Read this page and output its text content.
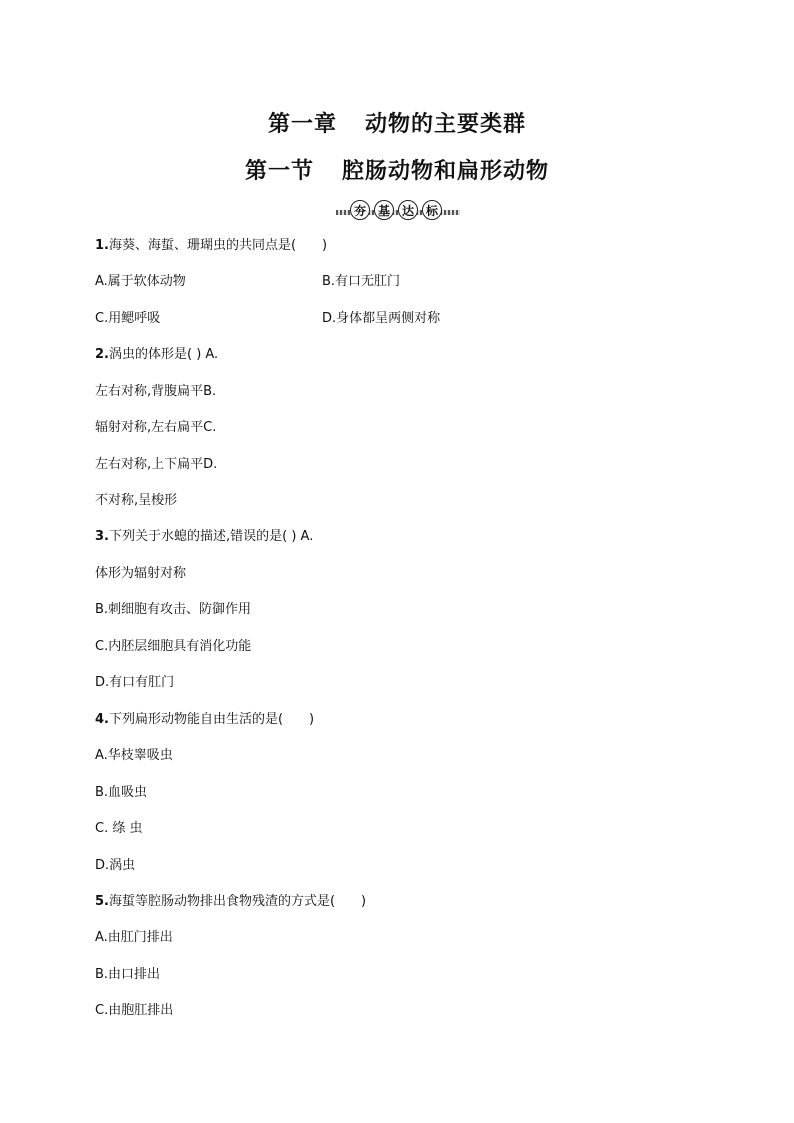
第一章 动物的主要类群
第一节 腔肠动物和扁形动物
夯 基 达 标
1.海葵、海蜇、珊瑚虫的共同点是(　　)
A.属于软体动物	B.有口无肛门
C.用鳃呼吸	D.身体都呈两侧对称
2.涡虫的体形是( ) A.
左右对称,背腹扁平B.
辐射对称,左右扁平C.
左右对称,上下扁平D.
不对称,呈梭形
3.下列关于水螅的描述,错误的是( ) A.
体形为辐射对称
B.刺细胞有攻击、防御作用
C.内胚层细胞具有消化功能
D.有口有肛门
4.下列扁形动物能自由生活的是(　　)
A.华枝睾吸虫
B.血吸虫
C. 绦 虫
D.涡虫
5.海蜇等腔肠动物排出食物残渣的方式是(　　)
A.由肛门排出
B.由口排出
C.由胞肛排出
